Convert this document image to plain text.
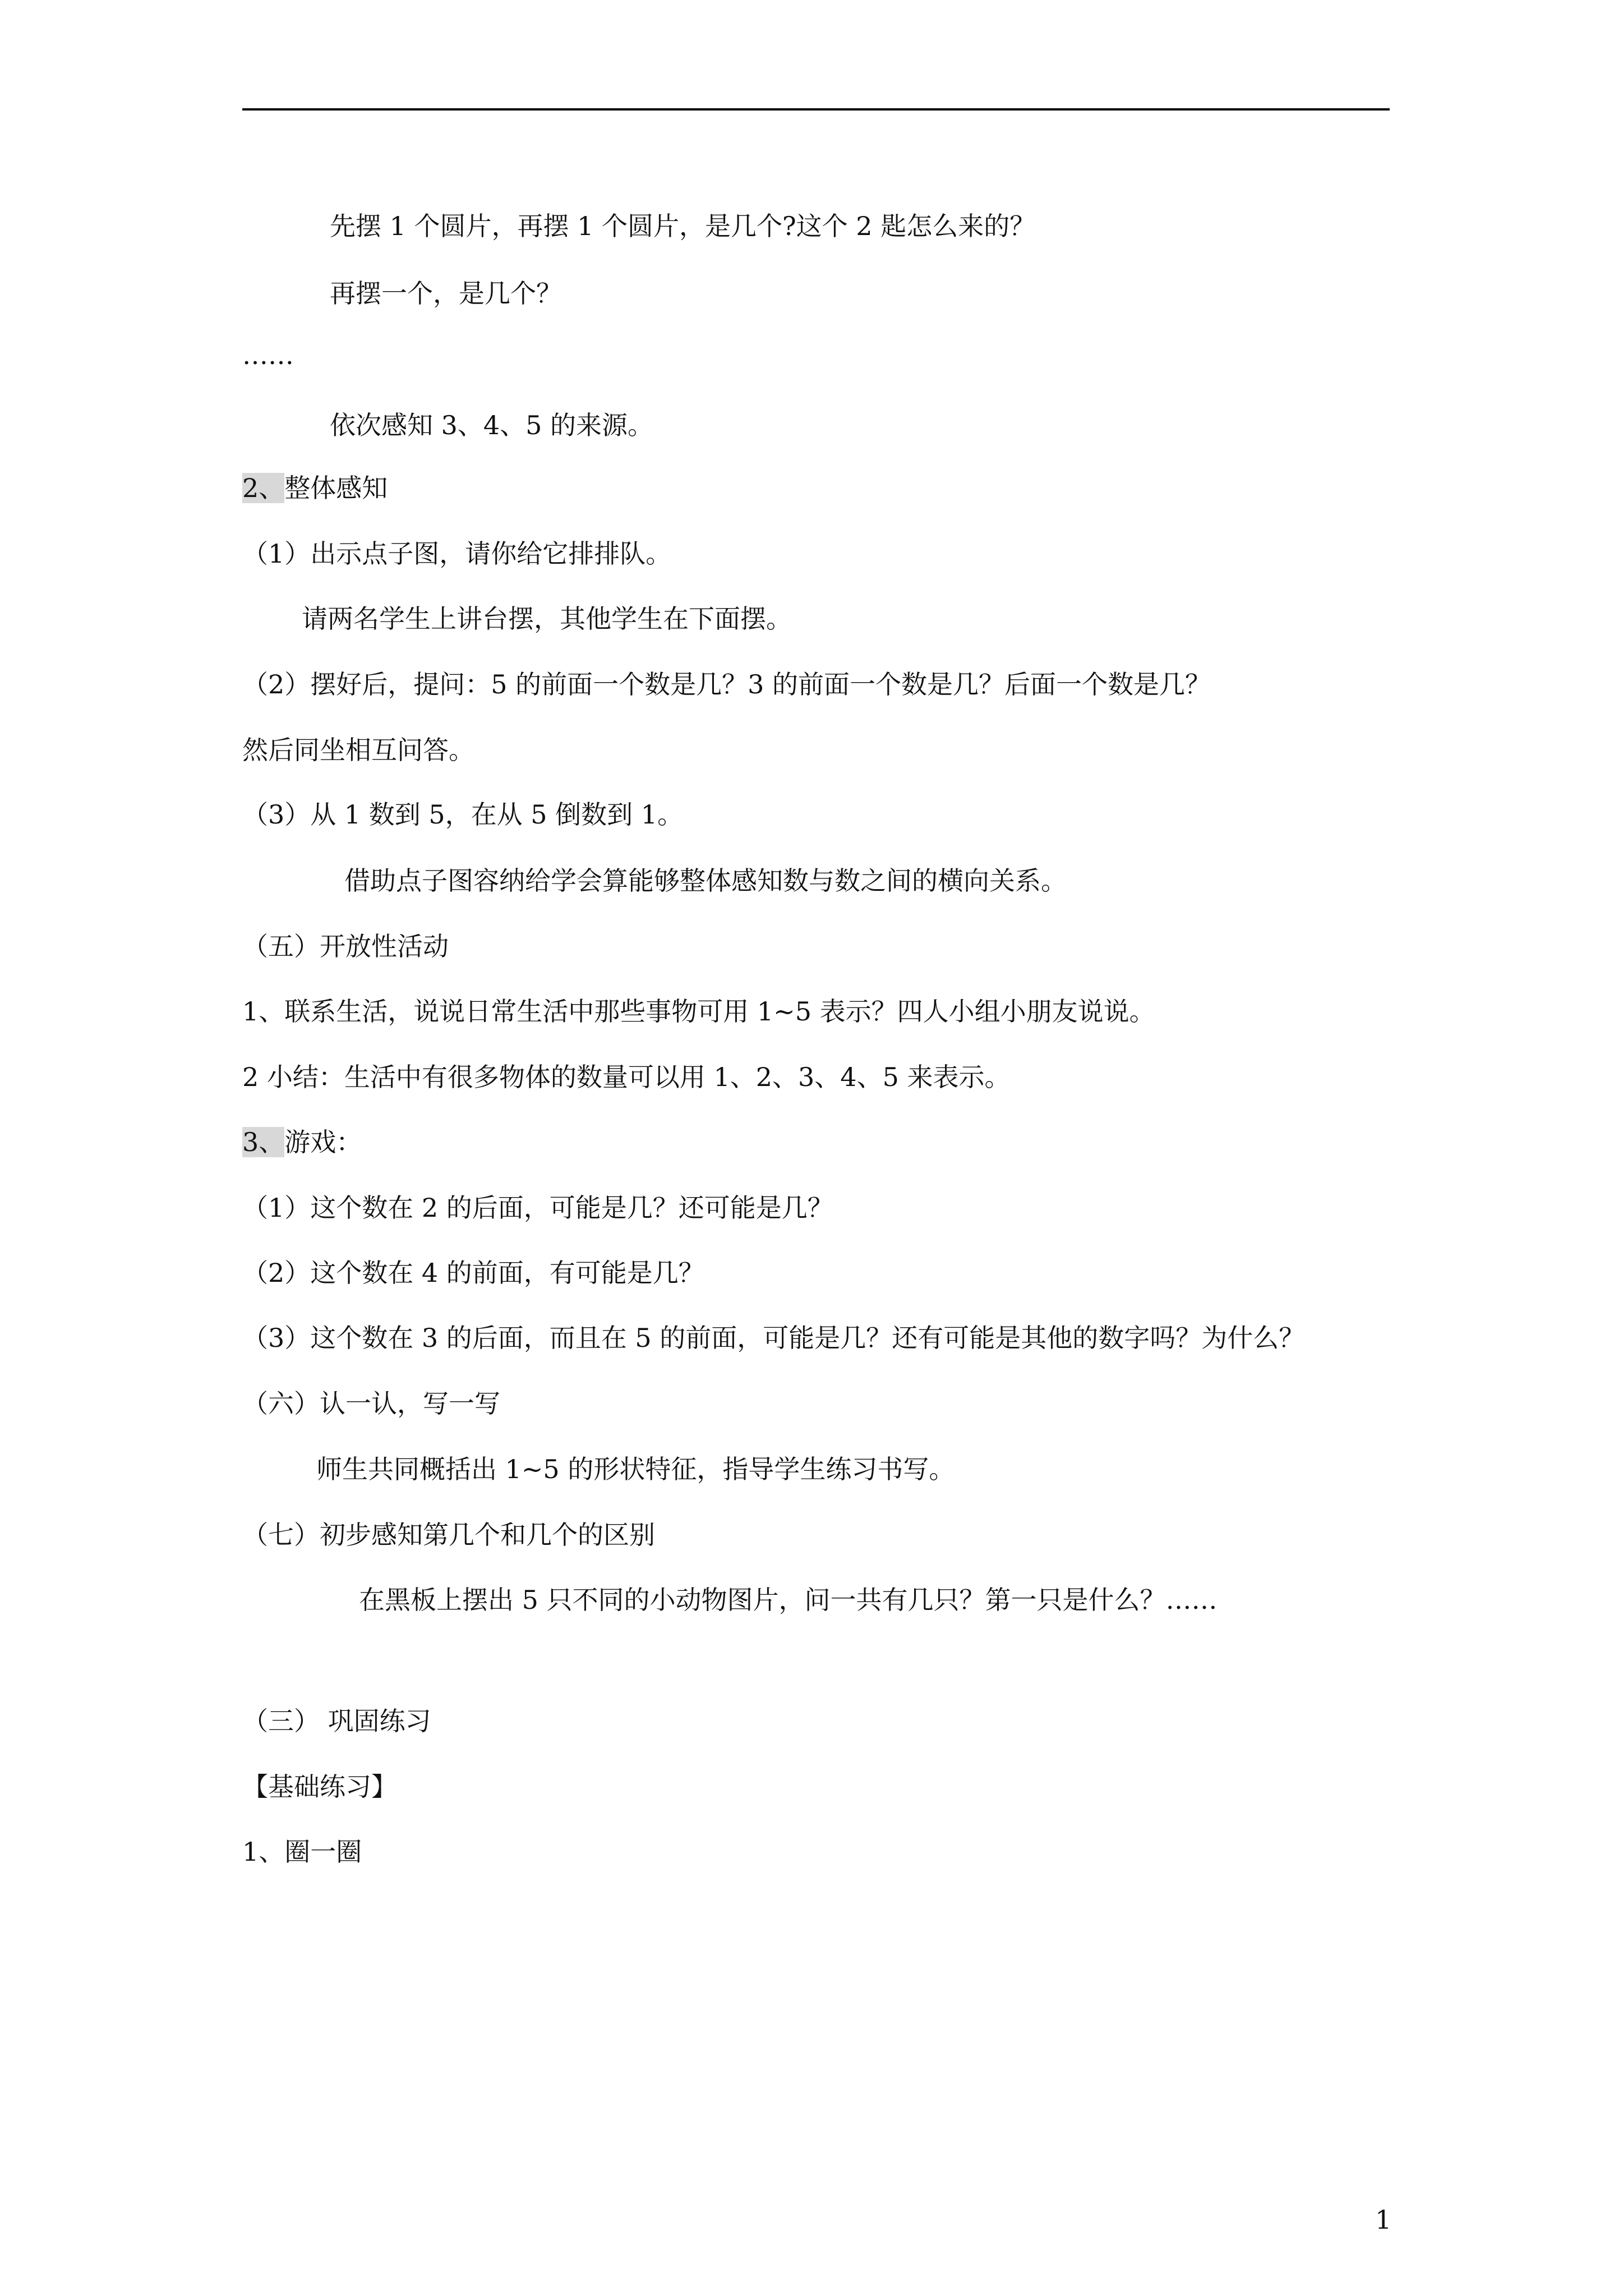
先摆 1 个圆片，再摆 1 个圆片，是几个?这个 2 匙怎么来的？
再摆一个，是几个？
……
依次感知 3、4、5 的来源。
2、整体感知
（1）出示点子图，请你给它排排队。
请两名学生上讲台摆，其他学生在下面摆。
（2）摆好后，提问：5 的前面一个数是几？3 的前面一个数是几？后面一个数是几？
然后同坐相互问答。
（3）从 1 数到 5，在从 5 倒数到 1。
借助点子图容纳给学会算能够整体感知数与数之间的横向关系。
（五）开放性活动
1、联系生活，说说日常生活中那些事物可用 1~5 表示？四人小组小朋友说说。
2 小结：生活中有很多物体的数量可以用 1、2、3、4、5 来表示。
3、游戏：
（1）这个数在 2 的后面，可能是几？还可能是几？
（2）这个数在 4 的前面，有可能是几？
（3）这个数在 3 的后面，而且在 5 的前面，可能是几？还有可能是其他的数字吗？为什么？
（六）认一认，写一写
师生共同概括出 1~5 的形状特征，指导学生练习书写。
（七）初步感知第几个和几个的区别
在黑板上摆出 5 只不同的小动物图片，问一共有几只？第一只是什么？……
（三） 巩固练习
【基础练习】
1、圈一圈
1
